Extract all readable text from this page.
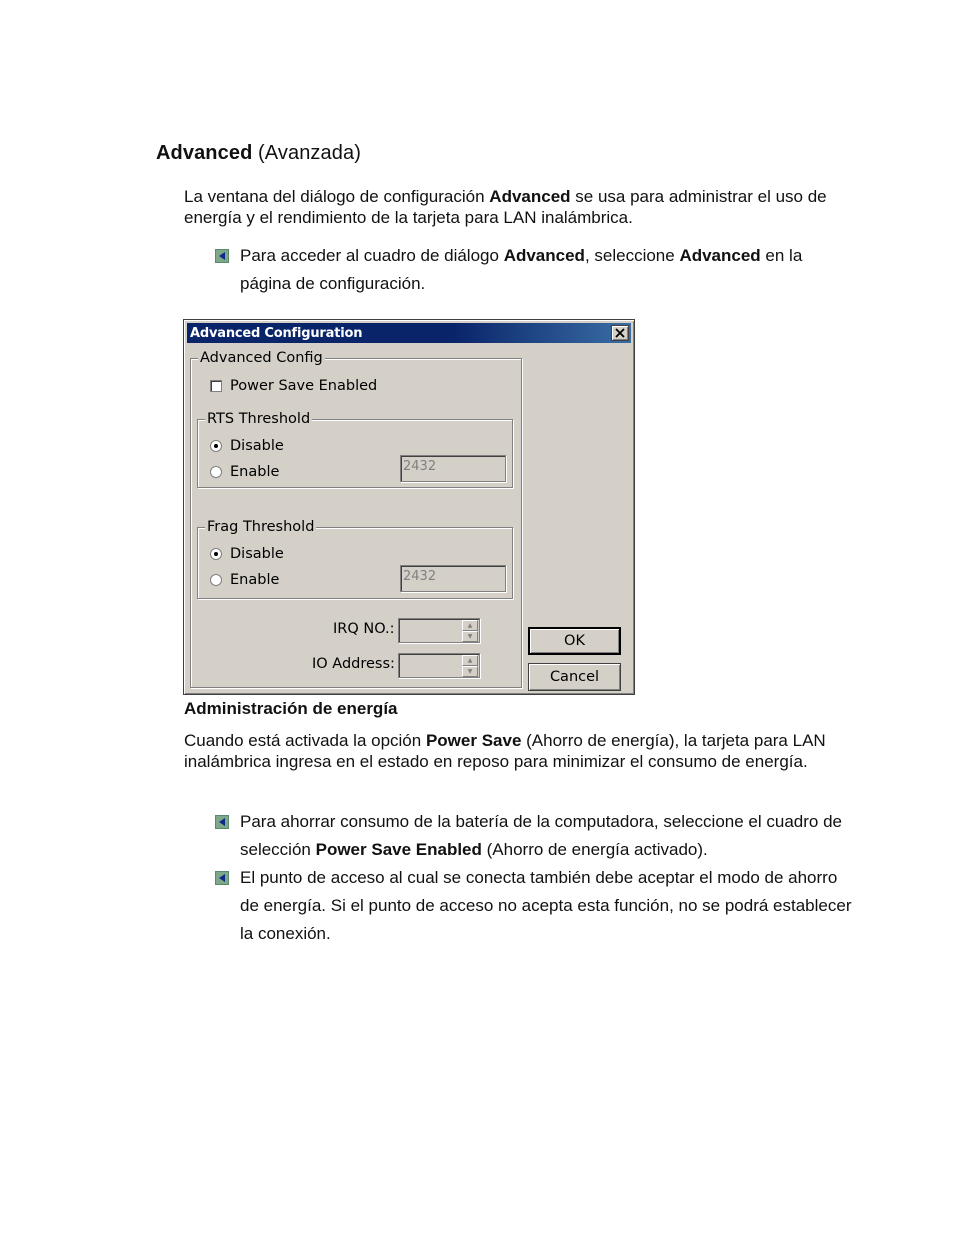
Advanced (Avanzada)
La ventana del diálogo de configuración Advanced se usa para administrar el uso de energía y el rendimiento de la tarjeta para LAN inalámbrica.
Para acceder al cuadro de diálogo Advanced, seleccione Advanced en la página de configuración.
Advanced Configuration
Advanced Config
Power Save Enabled
RTS Threshold
Disable
Enable	2432
Frag Threshold
Disable
Enable	2432
IRQ NO.:	▲
▼
IO Address:	▲
▼
OK
Cancel
Administración de energía
Cuando está activada la opción Power Save (Ahorro de energía), la tarjeta para LAN inalámbrica ingresa en el estado en reposo para minimizar el consumo de energía.
Para ahorrar consumo de la batería de la computadora, seleccione el cuadro de selección Power Save Enabled (Ahorro de energía activado).
El punto de acceso al cual se conecta también debe aceptar el modo de ahorro de energía. Si el punto de acceso no acepta esta función, no se podrá establecer la conexión.
